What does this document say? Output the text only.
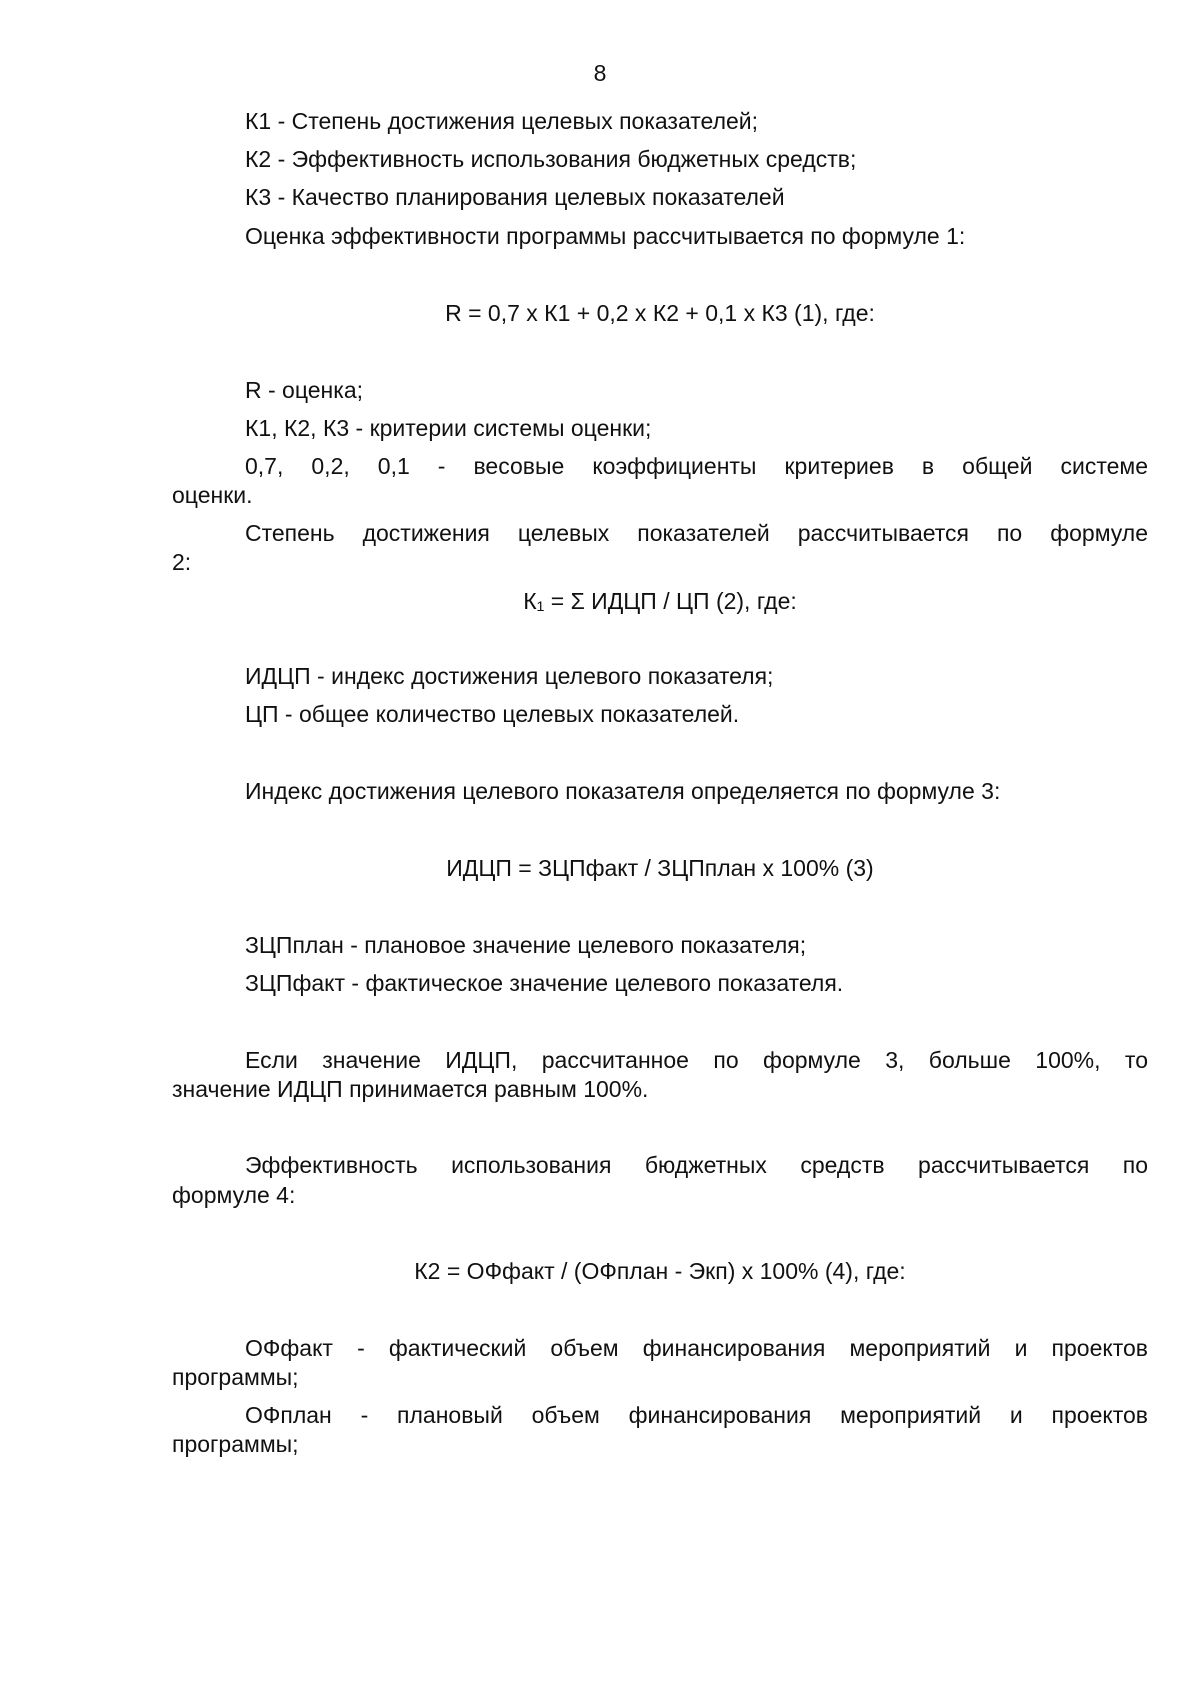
8

К1 - Степень достижения целевых показателей;

К2 - Эффективность использования бюджетных средств;

К3 - Качество планирования целевых показателей

Оценка эффективности программы рассчитывается по формуле 1:

R = 0,7 x К1 + 0,2 x К2 + 0,1 x К3 (1), где:

R - оценка;

К1, К2, К3 - критерии системы оценки;

0,7, 0,2, 0,1 - весовые коэффициенты критериев в общей системе

оценки.

Степень достижения целевых показателей рассчитывается по формуле

2:

К₁ = Σ ИДЦП / ЦП (2), где:

ИДЦП - индекс достижения целевого показателя;

ЦП - общее количество целевых показателей.

Индекс достижения целевого показателя определяется по формуле 3:

ИДЦП = ЗЦПфакт / ЗЦПплан x 100% (3)

ЗЦПплан - плановое значение целевого показателя;

ЗЦПфакт - фактическое значение целевого показателя.

Если значение ИДЦП, рассчитанное по формуле 3, больше 100%, то

значение ИДЦП принимается равным 100%.

Эффективность использования бюджетных средств рассчитывается по

формуле 4:

К2 = ОФфакт / (ОФплан - Экп) x 100% (4), где:

ОФфакт - фактический объем финансирования мероприятий и проектов

программы;

ОФплан - плановый объем финансирования мероприятий и проектов

программы;
